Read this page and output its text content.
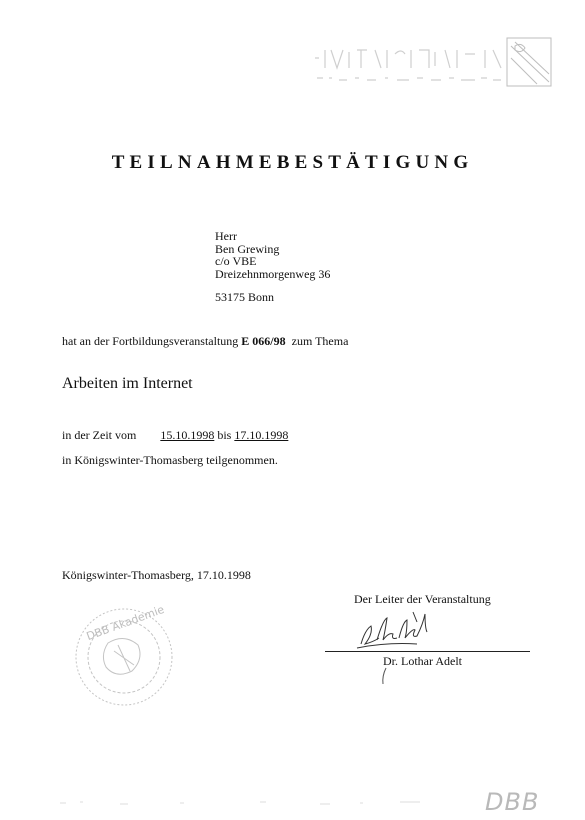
TEILNAHMEBESTÄTIGUNG
Herr
Ben Grewing
c/o VBE
Dreizehnmorgenweg 36
53175 Bonn
hat an der Fortbildungsveranstaltung E 066/98 zum Thema
Arbeiten im Internet
in der Zeit vom 15.10.1998 bis 17.10.1998
in Königswinter-Thomasberg teilgenommen.
Königswinter-Thomasberg, 17.10.1998
Der Leiter der Veranstaltung
Dr. Lothar Adelt
DBB Akademie
DBB
